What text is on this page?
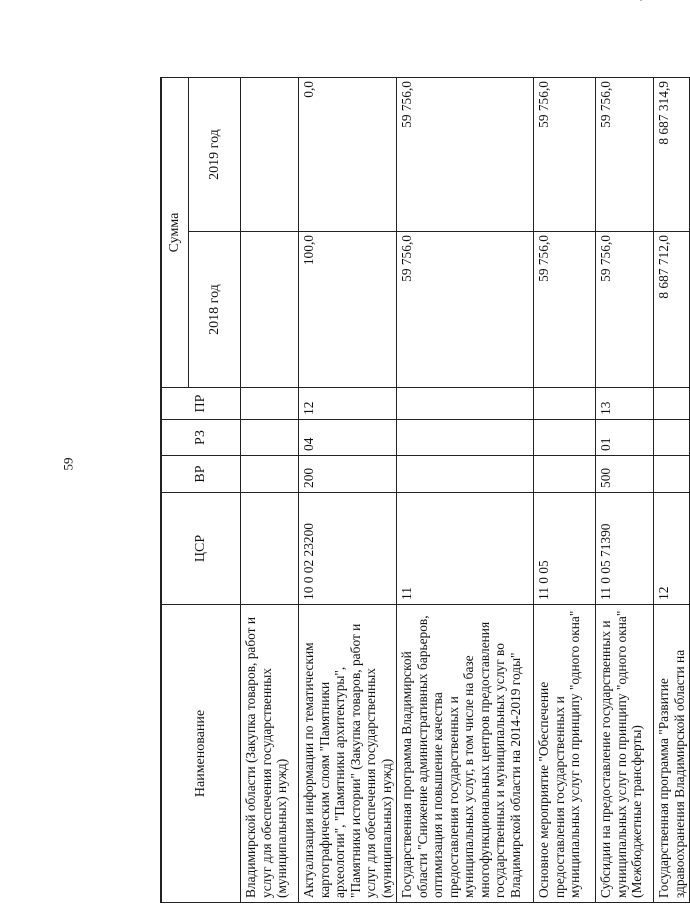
59
Наименование	ЦСР	ВР	РЗ	ПР	Сумма	
					2018 год	2019 год
Владимирской области (Закупка товаров, работ и услуг для обеспечения государственных (муниципальных) нужд)						
Актуализация информации по тематическим картографическим слоям "Памятники археологии", "Памятники архитектуры", "Памятники истории" (Закупка товаров, работ и услуг для обеспечения государственных (муниципальных) нужд)	10 0 02 23200	200	04	12	100,0	0,0
Государственная программа Владимирской области "Снижение административных барьеров, оптимизация и повышение качества предоставления государственных и муниципальных услуг, в том числе на базе многофункциональных центров предоставления государственных и муниципальных услуг во Владимирской области на 2014-2019 годы"	11				59 756,0	59 756,0
Основное мероприятие "Обеспечение предоставления государственных и муниципальных услуг по принципу "одного окна"	11 0 05				59 756,0	59 756,0
Субсидии на предоставление государственных и муниципальных услуг по принципу "одного окна" (Межбюджетные трансферты)	11 0 05 71390	500	01	13	59 756,0	59 756,0
Государственная программа "Развитие здравоохранения Владимирской области на	12				8 687 712,0	8 687 314,9
